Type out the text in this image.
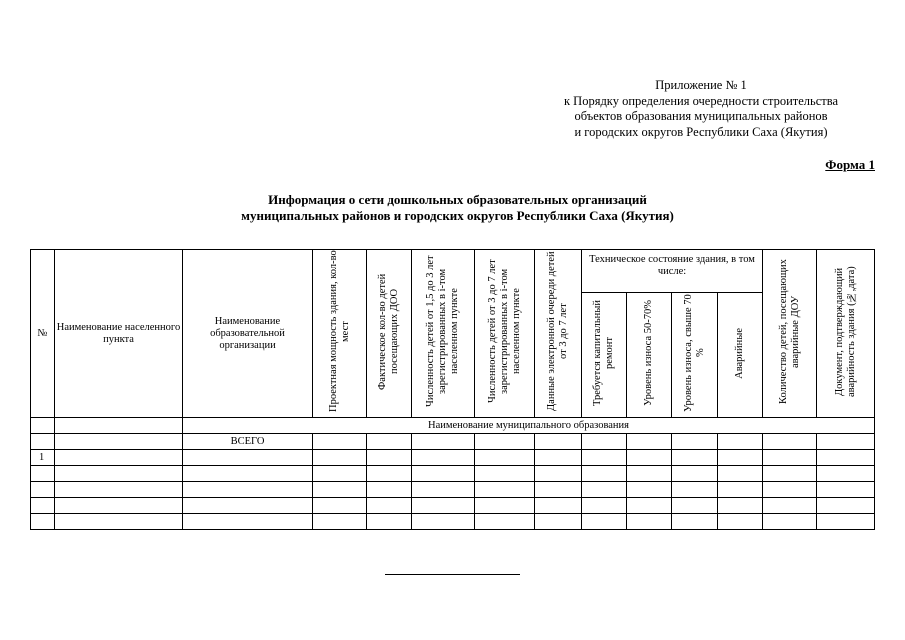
Приложение № 1
к Порядку определения очередности строительства
объектов образования муниципальных районов
и городских округов Республики Саха (Якутия)
Форма 1
Информация о сети дошкольных образовательных организаций
муниципальных районов и городских округов Республики Саха (Якутия)
№	Наименование населенного пункта	Наименование образовательной организации	Проектная мощность здания, кол-во мест	Фактическое кол-во детей посещающих ДОО	Численность детей от 1,5 до 3 лет зарегистрированных в i-том населенном пункте	Численность детей от 3 до 7 лет зарегистрированных в i-том населенном пункте	Данные электронной очереди детей от 3 до 7 лет	Техническое состояние здания, в том числе:				Количество детей, посещающих аварийные ДОУ	Документ, подтверждающий аварийность здания (№,дата)
								Требуется капитальный ремонт	Уровень износа 50-70%	Уровень износа, свыше 70 %	Аварийные		
		Наименование муниципального образования											
		ВСЕГО											
1													
